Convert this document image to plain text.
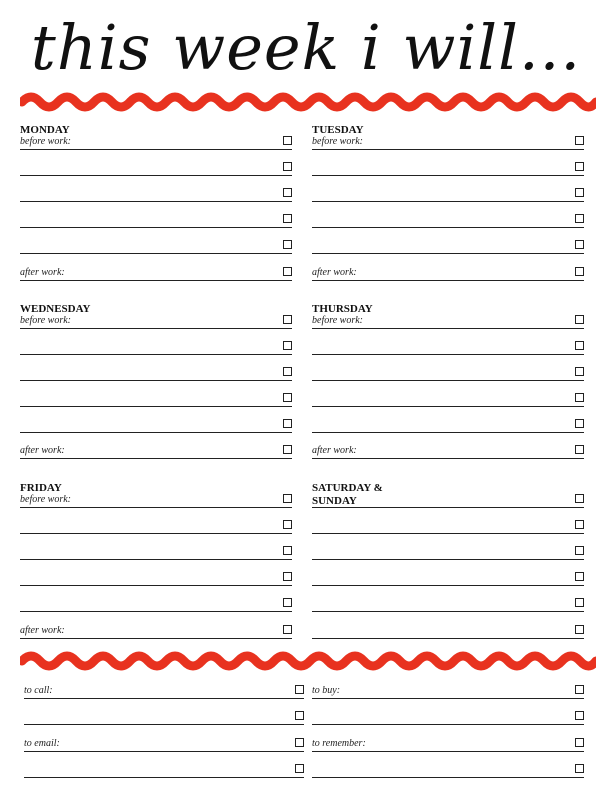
this week i will...
MONDAY
before work:
after work:
TUESDAY
before work:
after work:
WEDNESDAY
before work:
after work:
THURSDAY
before work:
after work:
FRIDAY
before work:
after work:
SATURDAY & SUNDAY
to call:
to email:
to buy:
to remember:
